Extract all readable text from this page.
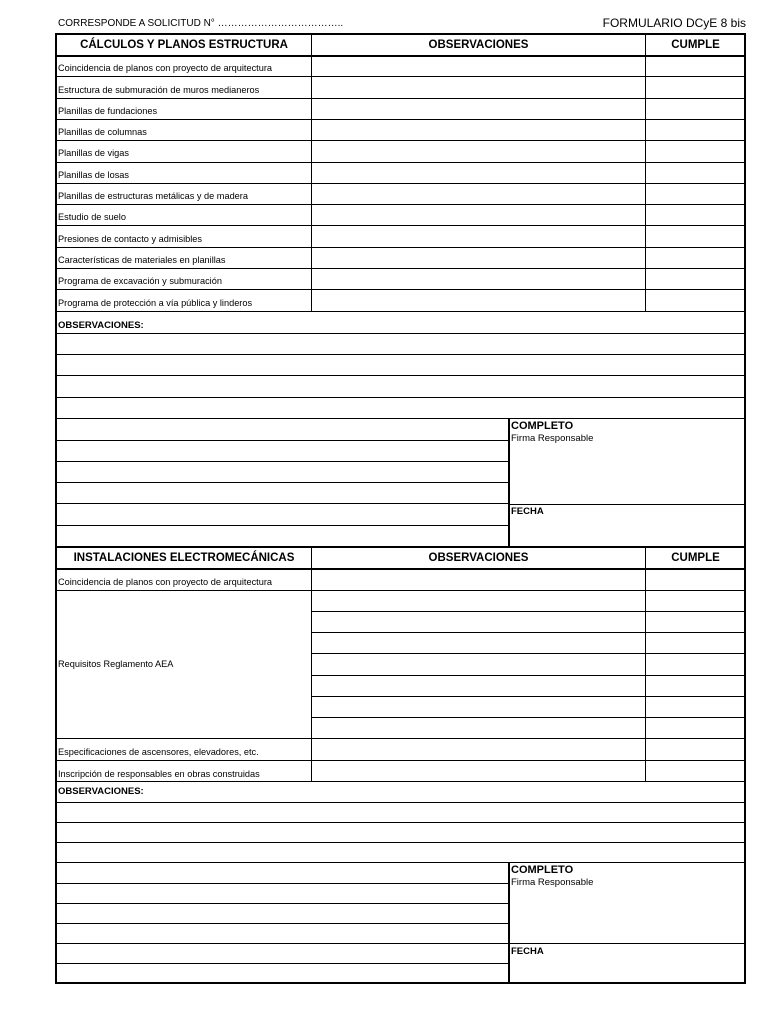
CORRESPONDE A SOLICITUD N° ………………………………..	FORMULARIO DCyE 8 bis
CÁLCULOS Y PLANOS ESTRUCTURA	OBSERVACIONES	CUMPLE
Coincidencia de planos con proyecto de arquitectura
Estructura de submuración de muros medianeros
Planillas de fundaciones
Planillas de columnas
Planillas de vigas
Planillas de losas
Planillas de estructuras metálicas y de madera
Estudio de suelo
Presiones de contacto y admisibles
Características de materiales en planillas
Programa de excavación y submuración
Programa de protección a vía pública y linderos
OBSERVACIONES:
COMPLETO
Firma Responsable
FECHA
INSTALACIONES ELECTROMECÁNICAS	OBSERVACIONES	CUMPLE
Coincidencia de planos con proyecto de arquitectura
Requisitos Reglamento AEA
Especificaciones de ascensores, elevadores, etc.
Inscripción de responsables en obras construidas
OBSERVACIONES:
COMPLETO
Firma Responsable
FECHA
